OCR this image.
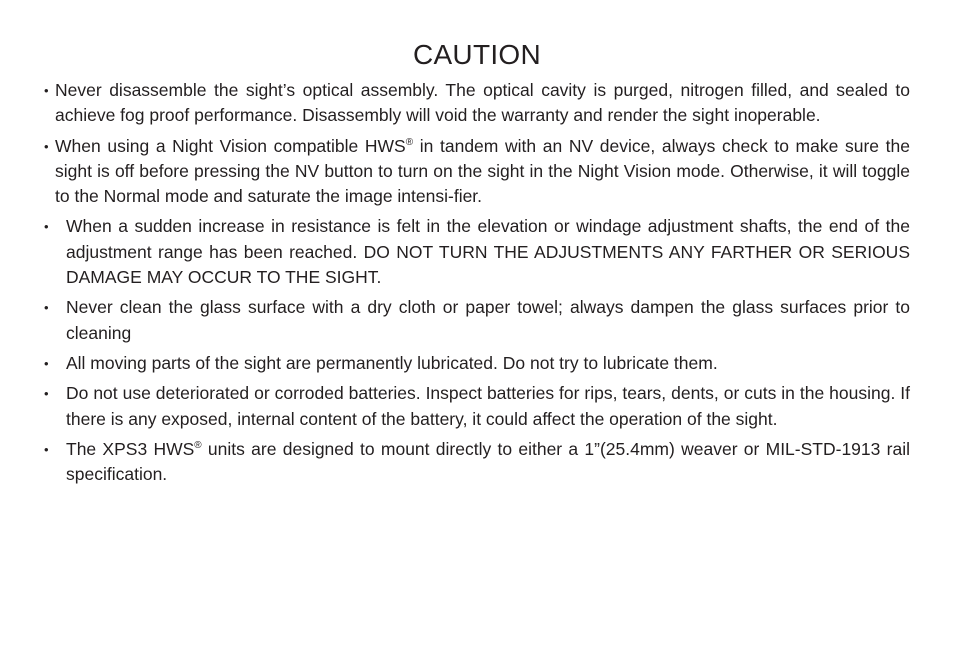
CAUTION
• Never disassemble the sight’s optical assembly. The optical cavity is purged, nitrogen filled, and sealed to achieve fog proof performance. Disassembly will void the warranty and render the sight inoperable.
• When using a Night Vision compatible HWS® in tandem with an NV device, always check to make sure the sight is off before pressing the NV button to turn on the sight in the Night Vision mode. Otherwise, it will toggle to the Normal mode and saturate the image intensi-fier.
• When a sudden increase in resistance is felt in the elevation or windage adjustment shafts, the end of the adjustment range has been reached. DO NOT TURN THE ADJUSTMENTS ANY FARTHER OR SERIOUS DAMAGE MAY OCCUR TO THE SIGHT.
• Never clean the glass surface with a dry cloth or paper towel; always dampen the glass surfaces prior to cleaning
• All moving parts of the sight are permanently lubricated. Do not try to lubricate them.
• Do not use deteriorated or corroded batteries. Inspect batteries for rips, tears, dents, or cuts in the housing. If there is any exposed, internal content of the battery, it could affect the operation of the sight.
• The XPS3 HWS® units are designed to mount directly to either a 1”(25.4mm) weaver or MIL-STD-1913 rail specification.
